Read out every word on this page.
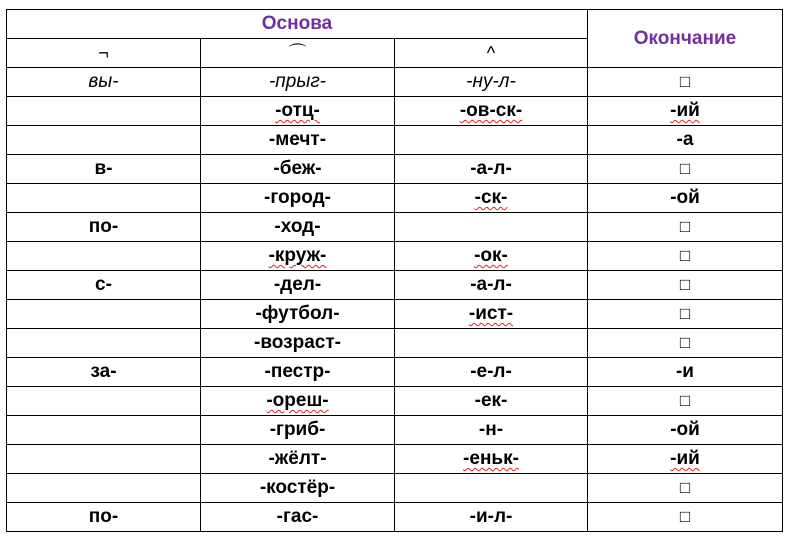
Основа			Окончание
¬	⌒	^	
вы-	-прыг-	-ну-л-	□
	-отц-	-ов-ск-	-ий
	-мечт-		-а
в-	-беж-	-а-л-	□
	-город-	-ск-	-ой
по-	-ход-		□
	-круж-	-ок-	□
с-	-дел-	-а-л-	□
	-футбол-	-ист-	□
	-возраст-		□
за-	-пестр-	-е-л-	-и
	-ореш-	-ек-	□
	-гриб-	-н-	-ой
	-жёлт-	-еньк-	-ий
	-костёр-		□
по-	-гас-	-и-л-	□
